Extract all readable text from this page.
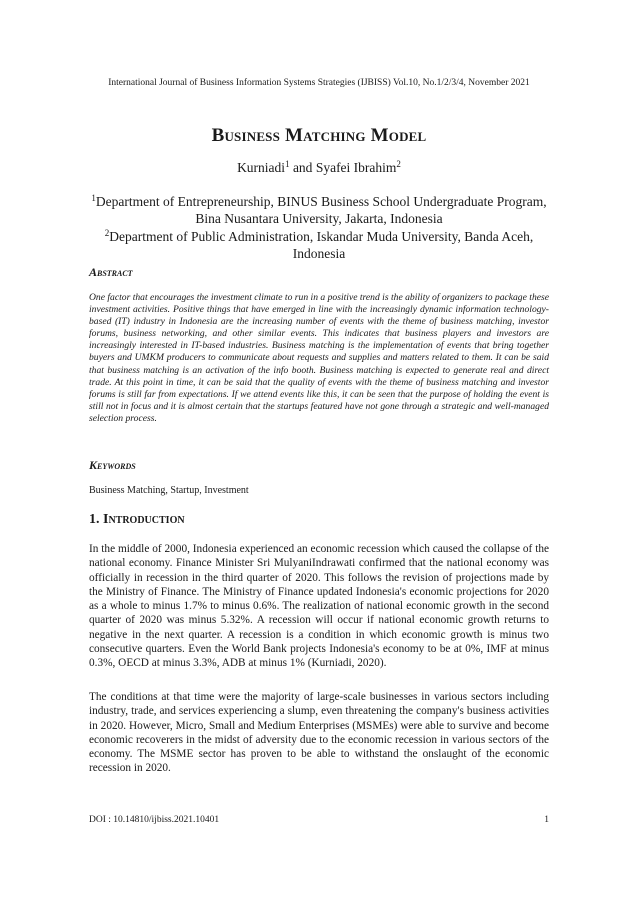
International Journal of Business Information Systems Strategies (IJBISS) Vol.10, No.1/2/3/4, November 2021
Business Matching Model
Kurniadi$^1$ and Syafei Ibrahim$^2$
$^1$Department of Entrepreneurship, BINUS Business School Undergraduate Program, Bina Nusantara University, Jakarta, Indonesia
$^2$Department of Public Administration, Iskandar Muda University, Banda Aceh, Indonesia
Abstract
One factor that encourages the investment climate to run in a positive trend is the ability of organizers to package these investment activities. Positive things that have emerged in line with the increasingly dynamic information technology-based (IT) industry in Indonesia are the increasing number of events with the theme of business matching, investor forums, business networking, and other similar events. This indicates that business players and investors are increasingly interested in IT-based industries. Business matching is the implementation of events that bring together buyers and UMKM producers to communicate about requests and supplies and matters related to them. It can be said that business matching is an activation of the info booth. Business matching is expected to generate real and direct trade. At this point in time, it can be said that the quality of events with the theme of business matching and investor forums is still far from expectations. If we attend events like this, it can be seen that the purpose of holding the event is still not in focus and it is almost certain that the startups featured have not gone through a strategic and well-managed selection process.
Keywords
Business Matching, Startup, Investment
1. Introduction
In the middle of 2000, Indonesia experienced an economic recession which caused the collapse of the national economy. Finance Minister Sri MulyaniIndrawati confirmed that the national economy was officially in recession in the third quarter of 2020. This follows the revision of projections made by the Ministry of Finance. The Ministry of Finance updated Indonesia's economic projections for 2020 as a whole to minus 1.7% to minus 0.6%. The realization of national economic growth in the second quarter of 2020 was minus 5.32%. A recession will occur if national economic growth returns to negative in the next quarter. A recession is a condition in which economic growth is minus two consecutive quarters. Even the World Bank projects Indonesia's economy to be at 0%, IMF at minus 0.3%, OECD at minus 3.3%, ADB at minus 1% (Kurniadi, 2020).
The conditions at that time were the majority of large-scale businesses in various sectors including industry, trade, and services experiencing a slump, even threatening the company's business activities in 2020. However, Micro, Small and Medium Enterprises (MSMEs) were able to survive and become economic recoverers in the midst of adversity due to the economic recession in various sectors of the economy. The MSME sector has proven to be able to withstand the onslaught of the economic recession in 2020.
DOI : 10.14810/ijbiss.2021.10401	1
